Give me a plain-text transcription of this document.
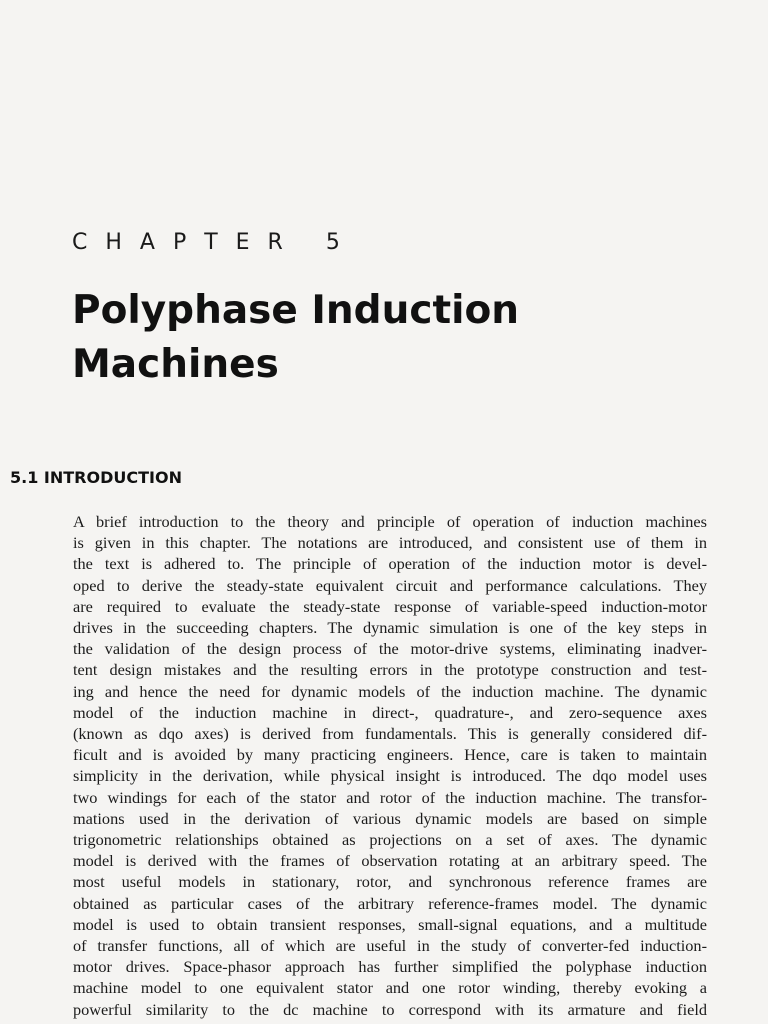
CHAPTER 5
Polyphase Induction
Machines
5.1 INTRODUCTION
A brief introduction to the theory and principle of operation of induction machines
is given in this chapter. The notations are introduced, and consistent use of them in
the text is adhered to. The principle of operation of the induction motor is devel-
oped to derive the steady-state equivalent circuit and performance calculations. They
are required to evaluate the steady-state response of variable-speed induction-motor
drives in the succeeding chapters. The dynamic simulation is one of the key steps in
the validation of the design process of the motor-drive systems, eliminating inadver-
tent design mistakes and the resulting errors in the prototype construction and test-
ing and hence the need for dynamic models of the induction machine. The dynamic
model of the induction machine in direct-, quadrature-, and zero-sequence axes
(known as dqo axes) is derived from fundamentals. This is generally considered dif-
ficult and is avoided by many practicing engineers. Hence, care is taken to maintain
simplicity in the derivation, while physical insight is introduced. The dqo model uses
two windings for each of the stator and rotor of the induction machine. The transfor-
mations used in the derivation of various dynamic models are based on simple
trigonometric relationships obtained as projections on a set of axes. The dynamic
model is derived with the frames of observation rotating at an arbitrary speed. The
most useful models in stationary, rotor, and synchronous reference frames are
obtained as particular cases of the arbitrary reference-frames model. The dynamic
model is used to obtain transient responses, small-signal equations, and a multitude
of transfer functions, all of which are useful in the study of converter-fed induction-
motor drives. Space-phasor approach has further simplified the polyphase induction
machine model to one equivalent stator and one rotor winding, thereby evoking a
powerful similarity to the dc machine to correspond with its armature and field
